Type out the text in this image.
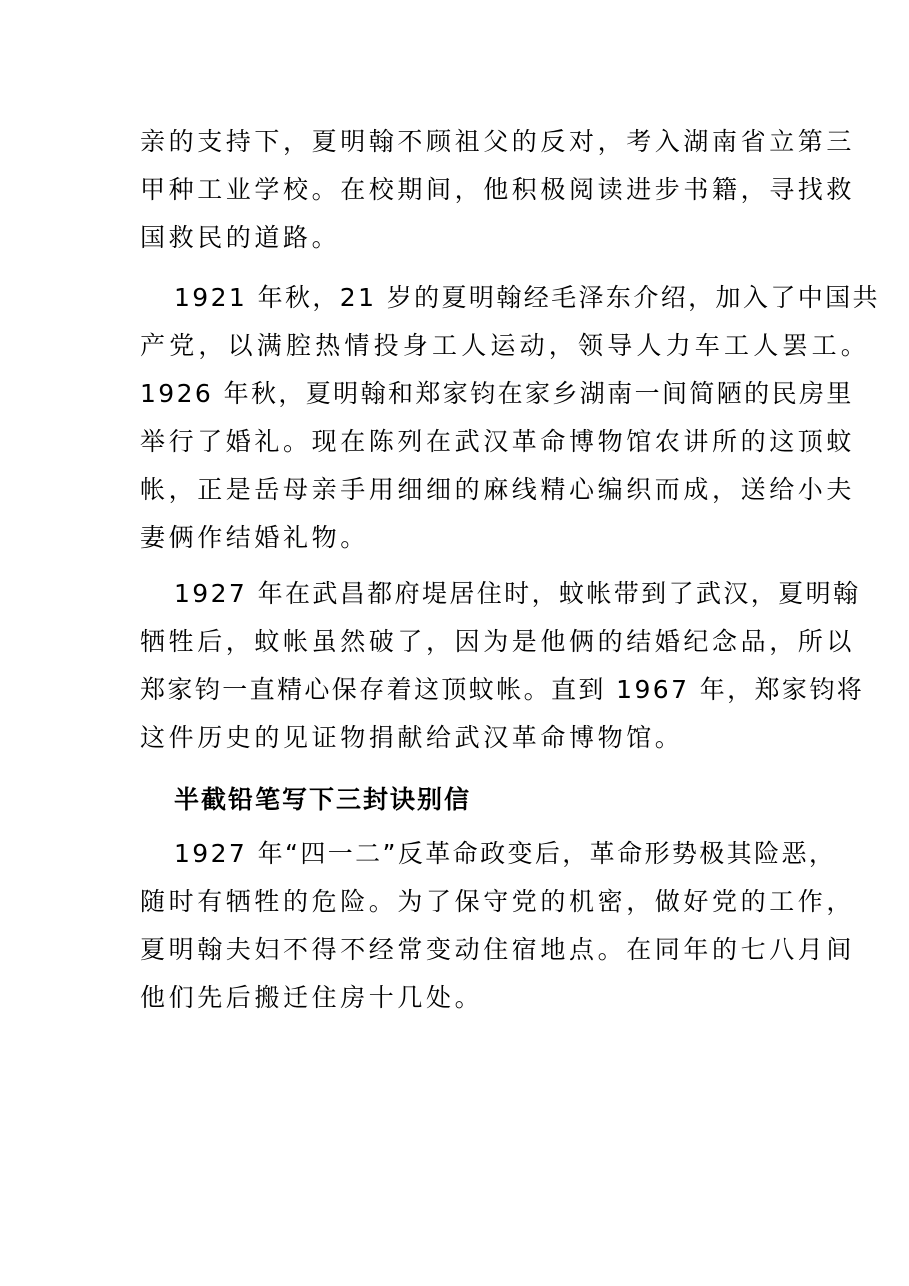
亲的支持下，夏明翰不顾祖父的反对，考入湖南省立第三
甲种工业学校。在校期间，他积极阅读进步书籍，寻找救
国救民的道路。

1921 年秋，21 岁的夏明翰经毛泽东介绍，加入了中国共
产党，以满腔热情投身工人运动，领导人力车工人罢工。
1926 年秋，夏明翰和郑家钧在家乡湖南一间简陋的民房里
举行了婚礼。现在陈列在武汉革命博物馆农讲所的这顶蚊
帐，正是岳母亲手用细细的麻线精心编织而成，送给小夫
妻俩作结婚礼物。

1927 年在武昌都府堤居住时，蚊帐带到了武汉，夏明翰
牺牲后，蚊帐虽然破了，因为是他俩的结婚纪念品，所以
郑家钧一直精心保存着这顶蚊帐。直到 1967 年，郑家钧将
这件历史的见证物捐献给武汉革命博物馆。

半截铅笔写下三封诀别信

1927 年“四一二”反革命政变后，革命形势极其险恶，
随时有牺牲的危险。为了保守党的机密，做好党的工作，
夏明翰夫妇不得不经常变动住宿地点。在同年的七八月间
他们先后搬迁住房十几处。
